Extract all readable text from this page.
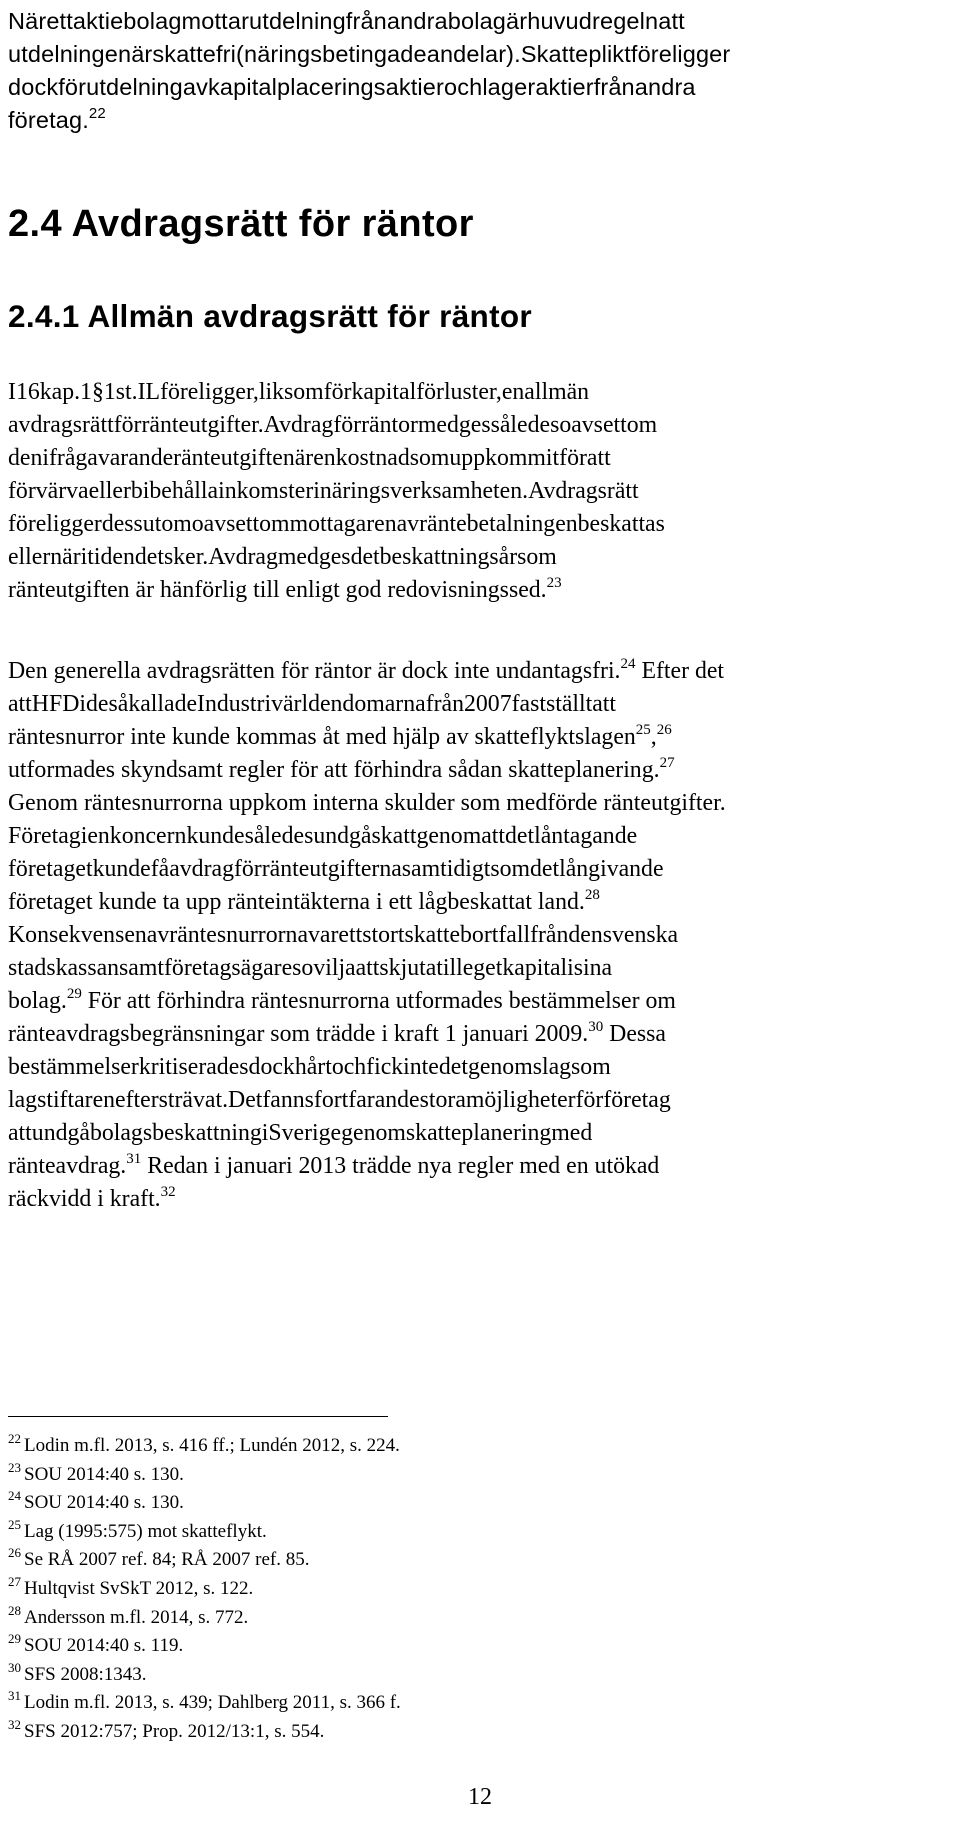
Närettaktiebolagmottarutdelningfrånandrabolagärhuvudregelnatt
utdelningenärskattefri(näringsbetingadeandelar).Skattepliktföreligger
dockförutdelningavkapitalplaceringsaktierochlageraktierfrånandra
företag.$^{22}$
2.4 Avdragsrätt för räntor
2.4.1 Allmän avdragsrätt för räntor
I16kap.1§1st.ILföreligger,liksomförkapitalförluster,enallmän
avdragsrättförränteutgifter.Avdragförräntormedgessåledesoavsettom
denifrågavaranderänteutgiftenärenkostnadsomuppkommitföratt
förvärvaellerbibehållainkomsterinäringsverksamheten.Avdragsrätt
föreliggerdessutomoavsettommottagarenavräntebetalningenbeskattas
ellernäritidendetsker.Avdragmedgesdetbeskattningsårsom
ränteutgiften är hänförlig till enligt god redovisningssed.$^{23}$
Den generella avdragsrätten för räntor är dock inte undantagsfri.$^{24}$ Efter det
attHFDidesåkalladeIndustrivärldendomarnafrån2007fastställtatt
räntesnurror inte kunde kommas åt med hjälp av skatteflyktslagen$^{25}$,$^{26}$
utformades skyndsamt regler för att förhindra sådan skatteplanering.$^{27}$
Genom räntesnurrorna uppkom interna skulder som medförde ränteutgifter.
Företagienkoncernkundesåledesundgåskattgenomattdetlåntagande
företagetkundefåavdragförränteutgifternasamtidigtsomdetlångivande
företaget kunde ta upp ränteintäkterna i ett lågbeskattat land.$^{28}$
Konsekvensenavräntesnurrornavarettstortskattebortfallfråndensvenska
stadskassansamtföretagsägaresoviljaattskjutatillegetkapitalisina
bolag.$^{29}$ För att förhindra räntesnurrorna utformades bestämmelser om
ränteavdragsbegränsningar som trädde i kraft 1 januari 2009.30 Dessa
bestämmelserkritiseradesdockhårtochfickintedetgenomslagsom
lagstiftareneftersträvat.Detfannsfortfarandestoramöjligheterförföretag
attundgåbolagsbeskattningiSverigegenomskatteplaneringmed
ränteavdrag.$^{31}$ Redan i januari 2013 trädde nya regler med en utökad
räckvidd i kraft.$^{32}$
$^{22}$ Lodin m.fl. 2013, s. 416 ff.; Lundén 2012, s. 224.
$^{23}$ SOU 2014:40 s. 130.
$^{24}$ SOU 2014:40 s. 130.
$^{25}$ Lag (1995:575) mot skatteflykt.
$^{26}$ Se RÅ 2007 ref. 84; RÅ 2007 ref. 85.
$^{27}$ Hultqvist SvSkT 2012, s. 122.
$^{28}$ Andersson m.fl. 2014, s. 772.
$^{29}$ SOU 2014:40 s. 119.
$^{30}$ SFS 2008:1343.
$^{31}$ Lodin m.fl. 2013, s. 439; Dahlberg 2011, s. 366 f.
$^{32}$ SFS 2012:757; Prop. 2012/13:1, s. 554.
12
